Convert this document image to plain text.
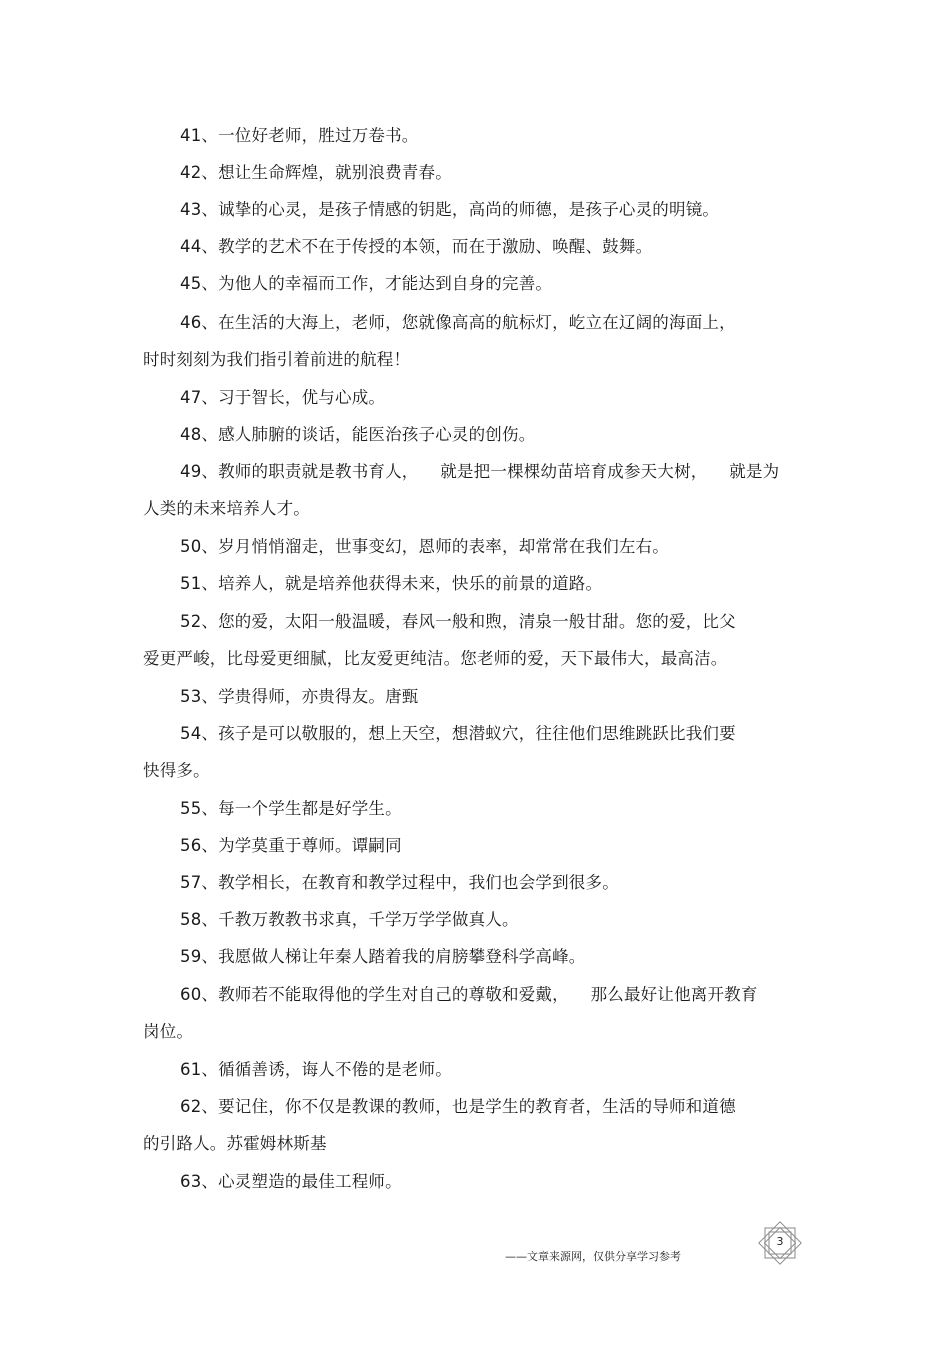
41、一位好老师，胜过万卷书。
42、想让生命辉煌，就别浪费青春。
43、诚挚的心灵，是孩子情感的钥匙，高尚的师德，是孩子心灵的明镜。
44、教学的艺术不在于传授的本领，而在于激励、唤醒、鼓舞。
45、为他人的幸福而工作，才能达到自身的完善。
46、在生活的大海上，老师，您就像高高的航标灯，屹立在辽阔的海面上，
时时刻刻为我们指引着前进的航程！
47、习于智长，优与心成。
48、感人肺腑的谈话，能医治孩子心灵的创伤。
49、教师的职责就是教书育人，    就是把一棵棵幼苗培育成参天大树，    就是为
人类的未来培养人才。
50、岁月悄悄溜走，世事变幻，恩师的表率，却常常在我们左右。
51、培养人，就是培养他获得未来，快乐的前景的道路。
52、您的爱，太阳一般温暖，春风一般和煦，清泉一般甘甜。您的爱，比父
爱更严峻，比母爱更细腻，比友爱更纯洁。您老师的爱，天下最伟大，最高洁。
53、学贵得师，亦贵得友。唐甄
54、孩子是可以敬服的，想上天空，想潜蚁穴，往往他们思维跳跃比我们要
快得多。
55、每一个学生都是好学生。
56、为学莫重于尊师。谭嗣同
57、教学相长，在教育和教学过程中，我们也会学到很多。
58、千教万教教书求真，千学万学学做真人。
59、我愿做人梯让年秦人踏着我的肩膀攀登科学高峰。
60、教师若不能取得他的学生对自己的尊敬和爱戴，    那么最好让他离开教育
岗位。
61、循循善诱，诲人不倦的是老师。
62、要记住，你不仅是教课的教师，也是学生的教育者，生活的导师和道德
的引路人。苏霍姆林斯基
63、心灵塑造的最佳工程师。
——文章来源网，仅供分享学习参考
3
